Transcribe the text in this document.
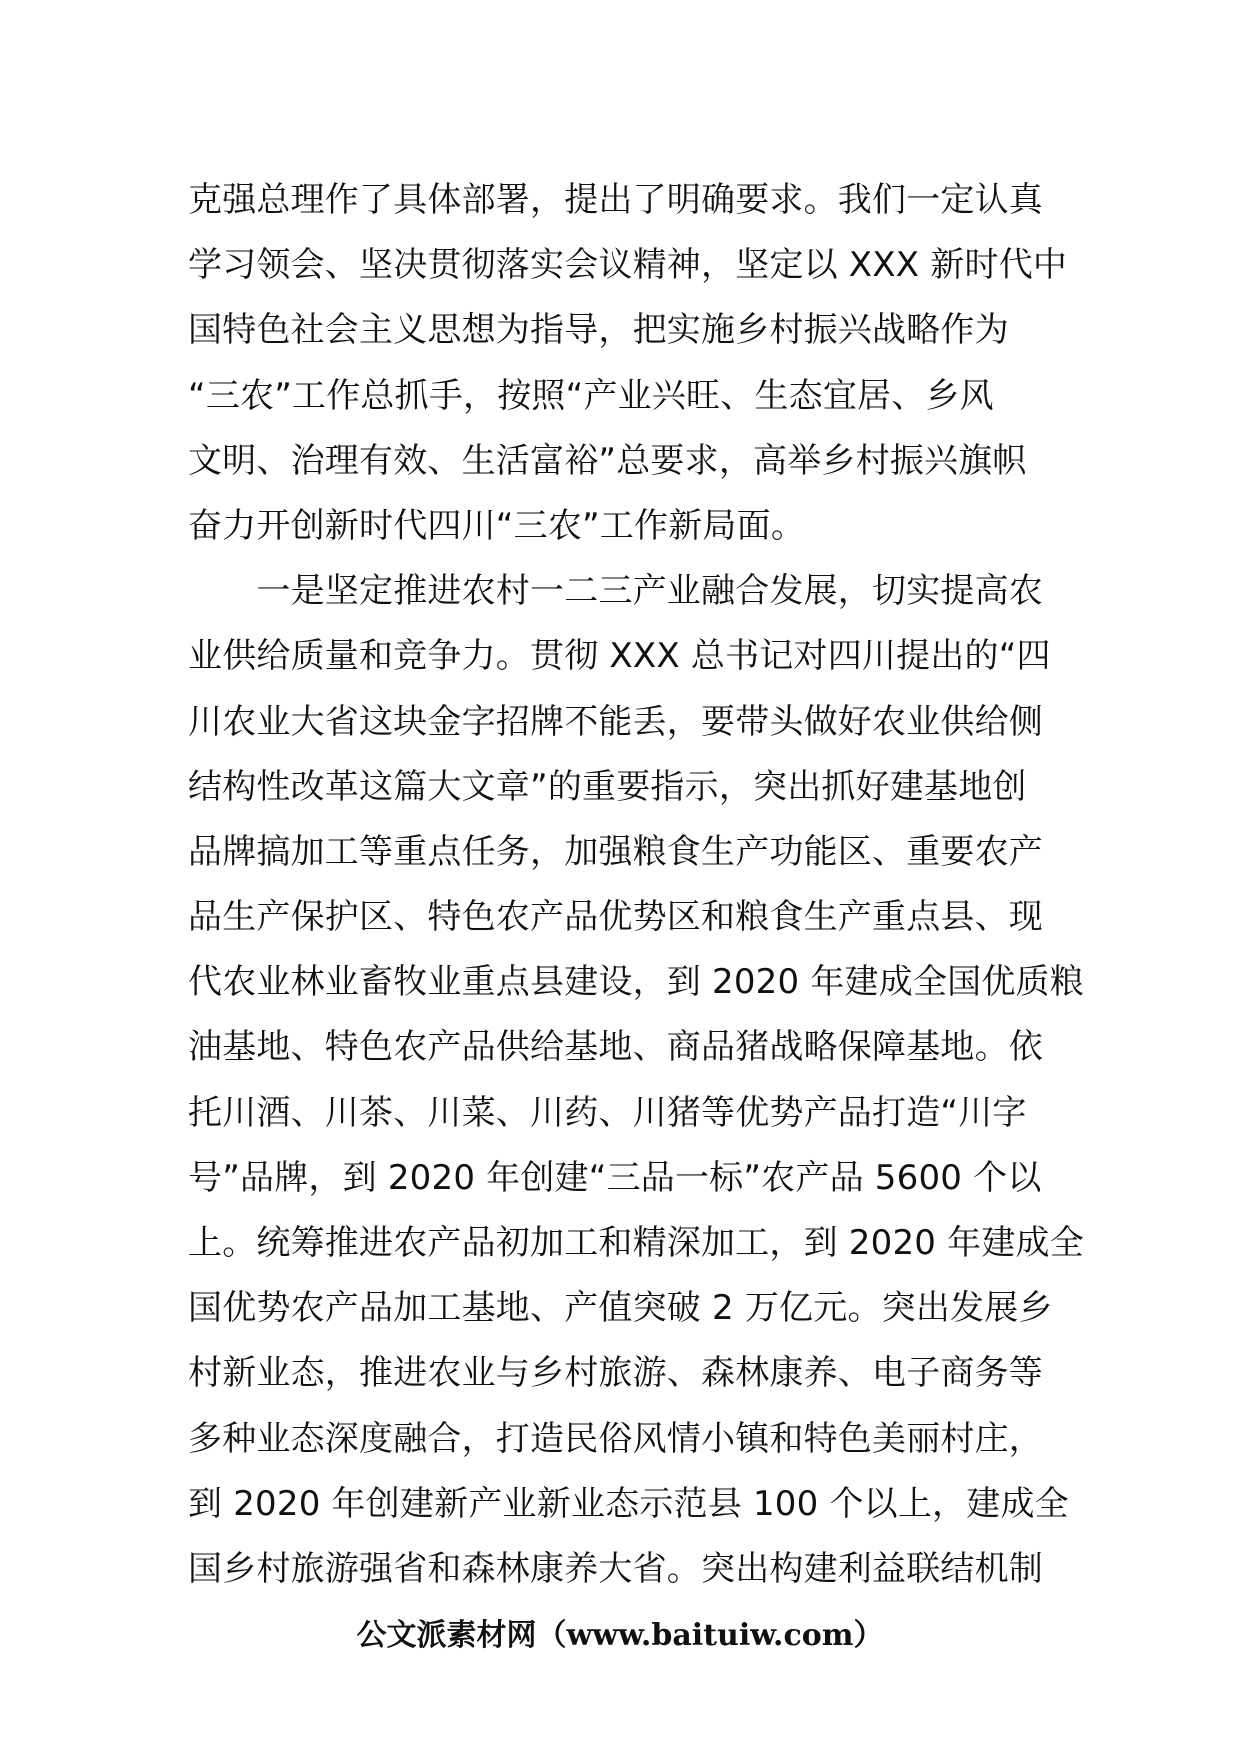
克强总理作了具体部署，提出了明确要求。我们一定认真
学习领会、坚决贯彻落实会议精神，坚定以 XXX 新时代中
国特色社会主义思想为指导，把实施乡村振兴战略作为
“三农”工作总抓手，按照“产业兴旺、生态宜居、乡风
文明、治理有效、生活富裕”总要求，高举乡村振兴旗帜
奋力开创新时代四川“三农”工作新局面。
　　一是坚定推进农村一二三产业融合发展，切实提高农
业供给质量和竞争力。贯彻 XXX 总书记对四川提出的“四
川农业大省这块金字招牌不能丢，要带头做好农业供给侧
结构性改革这篇大文章”的重要指示，突出抓好建基地创
品牌搞加工等重点任务，加强粮食生产功能区、重要农产
品生产保护区、特色农产品优势区和粮食生产重点县、现
代农业林业畜牧业重点县建设，到 2020 年建成全国优质粮
油基地、特色农产品供给基地、商品猪战略保障基地。依
托川酒、川茶、川菜、川药、川猪等优势产品打造“川字
号”品牌，到 2020 年创建“三品一标”农产品 5600 个以
上。统筹推进农产品初加工和精深加工，到 2020 年建成全
国优势农产品加工基地、产值突破 2 万亿元。突出发展乡
村新业态，推进农业与乡村旅游、森林康养、电子商务等
多种业态深度融合，打造民俗风情小镇和特色美丽村庄，
到 2020 年创建新产业新业态示范县 100 个以上，建成全
国乡村旅游强省和森林康养大省。突出构建利益联结机制
公文派素材网（www.baituiw.com）
